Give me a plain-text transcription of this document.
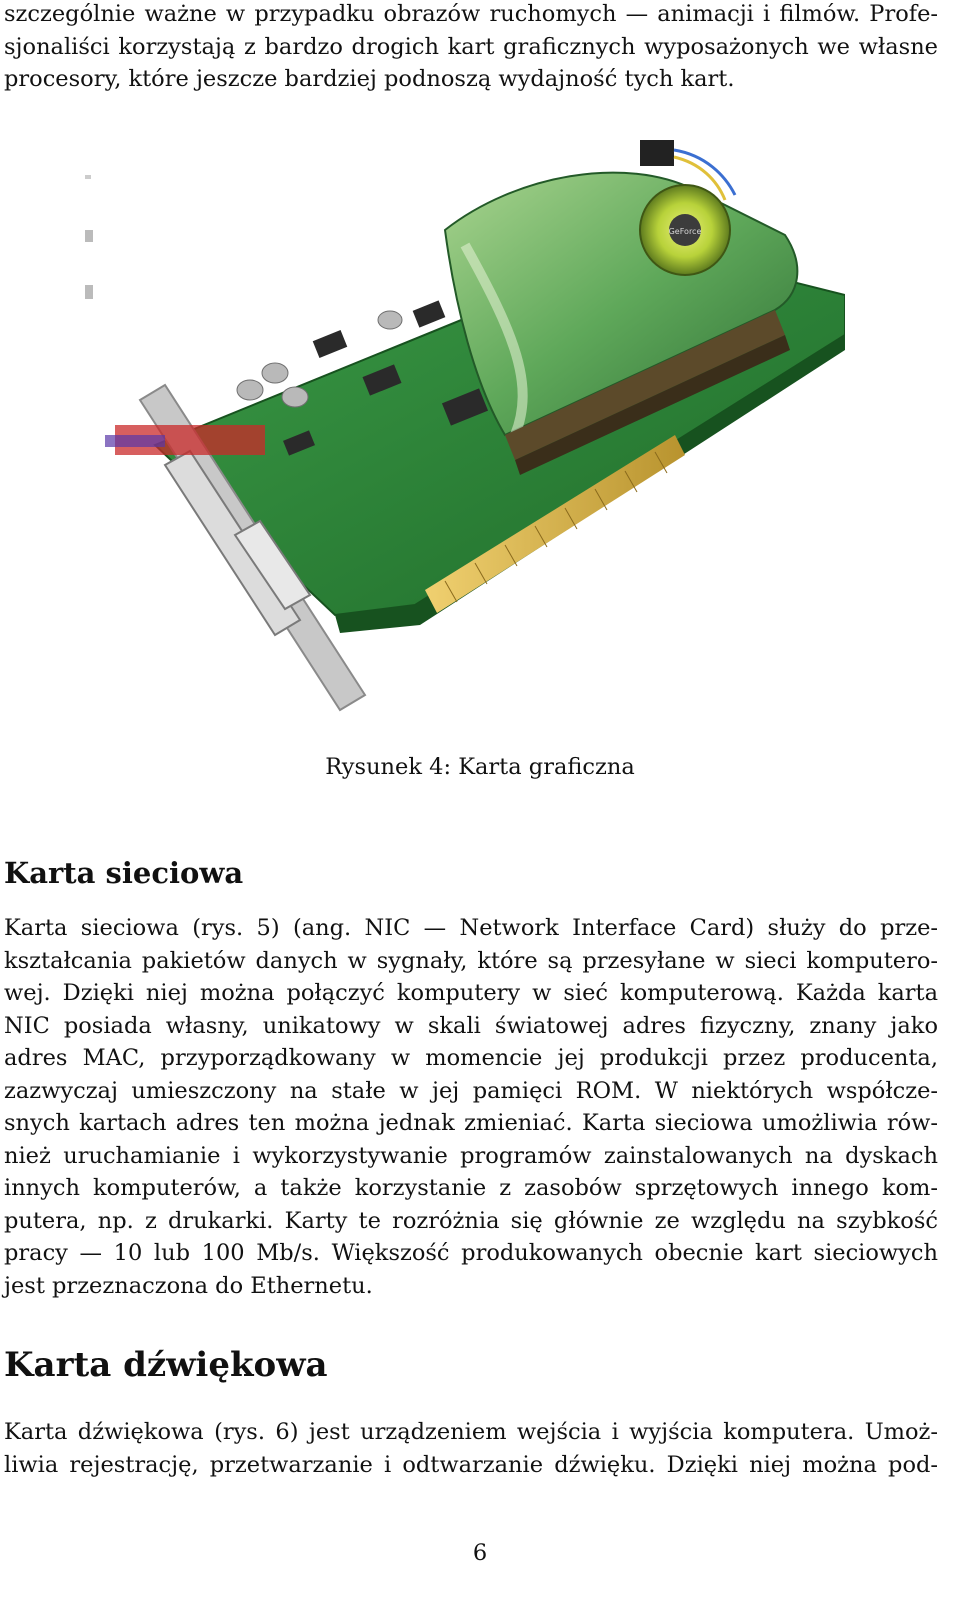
szczególnie ważne w przypadku obrazów ruchomych — animacji i filmów. Profe-
sjonaliści korzystają z bardzo drogich kart graficznych wyposażonych we własne
procesory, które jeszcze bardziej podnoszą wydajność tych kart.
GeForce
Rysunek 4: Karta graficzna
Karta sieciowa
Karta sieciowa (rys. 5) (ang. NIC — Network Interface Card) służy do prze-
kształcania pakietów danych w sygnały, które są przesyłane w sieci komputero-
wej. Dzięki niej można połączyć komputery w sieć komputerową. Każda karta
NIC posiada własny, unikatowy w skali światowej adres fizyczny, znany jako
adres MAC, przyporządkowany w momencie jej produkcji przez producenta,
zazwyczaj umieszczony na stałe w jej pamięci ROM. W niektórych współcze-
snych kartach adres ten można jednak zmieniać. Karta sieciowa umożliwia rów-
nież uruchamianie i wykorzystywanie programów zainstalowanych na dyskach
innych komputerów, a także korzystanie z zasobów sprzętowych innego kom-
putera, np. z drukarki. Karty te rozróżnia się głównie ze względu na szybkość
pracy — 10 lub 100 Mb/s. Większość produkowanych obecnie kart sieciowych
jest przeznaczona do Ethernetu.
Karta dźwiękowa
Karta dźwiękowa (rys. 6) jest urządzeniem wejścia i wyjścia komputera. Umoż-
liwia rejestrację, przetwarzanie i odtwarzanie dźwięku. Dzięki niej można pod-
6
